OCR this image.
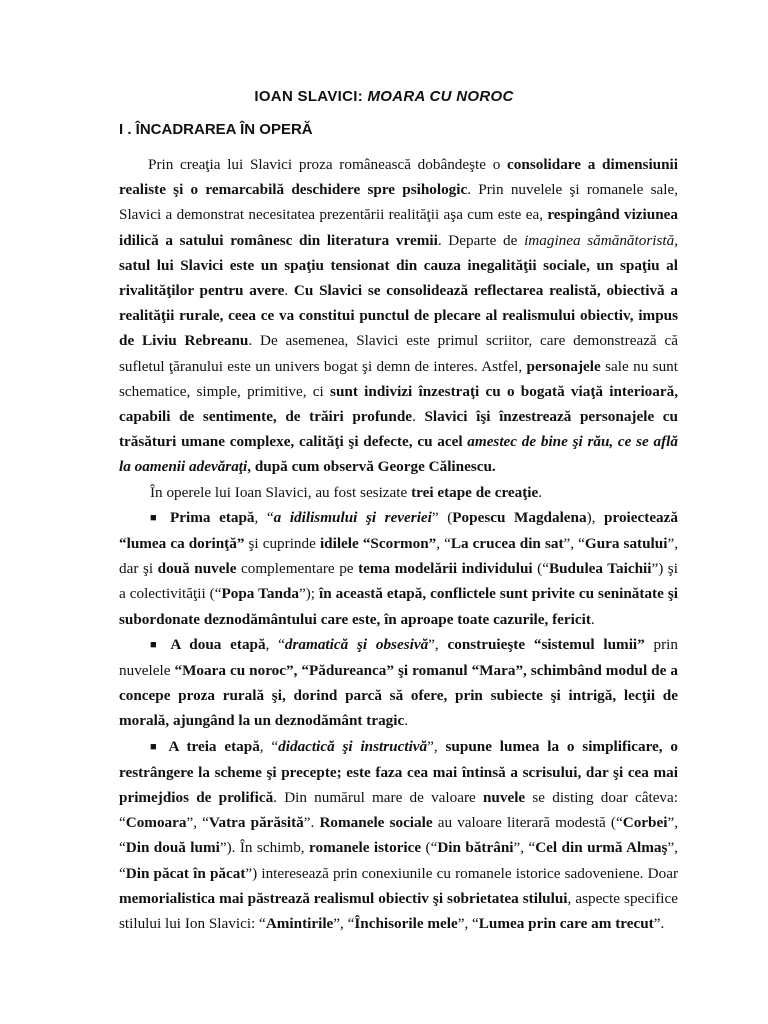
IOAN SLAVICI: MOARA CU NOROC
I . ÎNCADRAREA ÎN OPERĂ

Prin creaţia lui Slavici proza românească dobândeşte o consolidare a dimensiunii realiste şi o remarcabilă deschidere spre psihologic. Prin nuvelele şi romanele sale, Slavici a demonstrat necesitatea prezentării realităţii aşa cum este ea, respingând viziunea idilică a satului românesc din literatura vremii. Departe de imaginea sămănătoristă, satul lui Slavici este un spaţiu tensionat din cauza inegalităţii sociale, un spaţiu al rivalităţilor pentru avere. Cu Slavici se consolidează reflectarea realistă, obiectivă a realităţii rurale, ceea ce va constitui punctul de plecare al realismului obiectiv, impus de Liviu Rebreanu. De asemenea, Slavici este primul scriitor, care demonstrează că sufletul ţăranului este un univers bogat şi demn de interes. Astfel, personajele sale nu sunt schematice, simple, primitive, ci sunt indivizi înzestraţi cu o bogată viaţă interioară, capabili de sentimente, de trăiri profunde. Slavici îşi înzestrează personajele cu trăsături umane complexe, calităţi şi defecte, cu acel amestec de bine şi rău, ce se află la oamenii adevăraţi, după cum observă George Călinescu.

În operele lui Ioan Slavici, au fost sesizate trei etape de creaţie.

■ Prima etapă, “a idilismului şi reveriei” (Popescu Magdalena), proiectează “lumea ca dorinţă” şi cuprinde idilele “Scormon”, “La crucea din sat”, “Gura satului”, dar şi două nuvele complementare pe tema modelării individului (“Budulea Taichii”) şi a colectivităţii (“Popa Tanda”); în această etapă, conflictele sunt privite cu seninătate şi subordonate deznodământului care este, în aproape toate cazurile, fericit.

■ A doua etapă, “dramatică şi obsesivă”, construieşte “sistemul lumii” prin nuvelele “Moara cu noroc”, “Pădureanca” şi romanul “Mara”, schimbând modul de a concepe proza rurală şi, dorind parcă să ofere, prin subiecte şi intrigă, lecţii de morală, ajungând la un deznodământ tragic.

■ A treia etapă, “didactică şi instructivă”, supune lumea la o simplificare, o restrângere la scheme şi precepte; este faza cea mai întinsă a scrisului, dar şi cea mai primejdios de prolifică. Din numărul mare de valoare nuvele se disting doar câteva: “Comoara”, “Vatra părăsită”. Romanele sociale au valoare literară modestă (“Corbei”, “Din două lumi”). În schimb, romanele istorice (“Din bătrâni”, “Cel din urmă Almaş”, “Din păcat în păcat”) interesează prin conexiunile cu romanele istorice sadoveniene. Doar memorialistica mai păstrează realismul obiectiv şi sobrietatea stilului, aspecte specifice stilului lui Ion Slavici: “Amintirile”, “Închisorile mele”, “Lumea prin care am trecut”.
